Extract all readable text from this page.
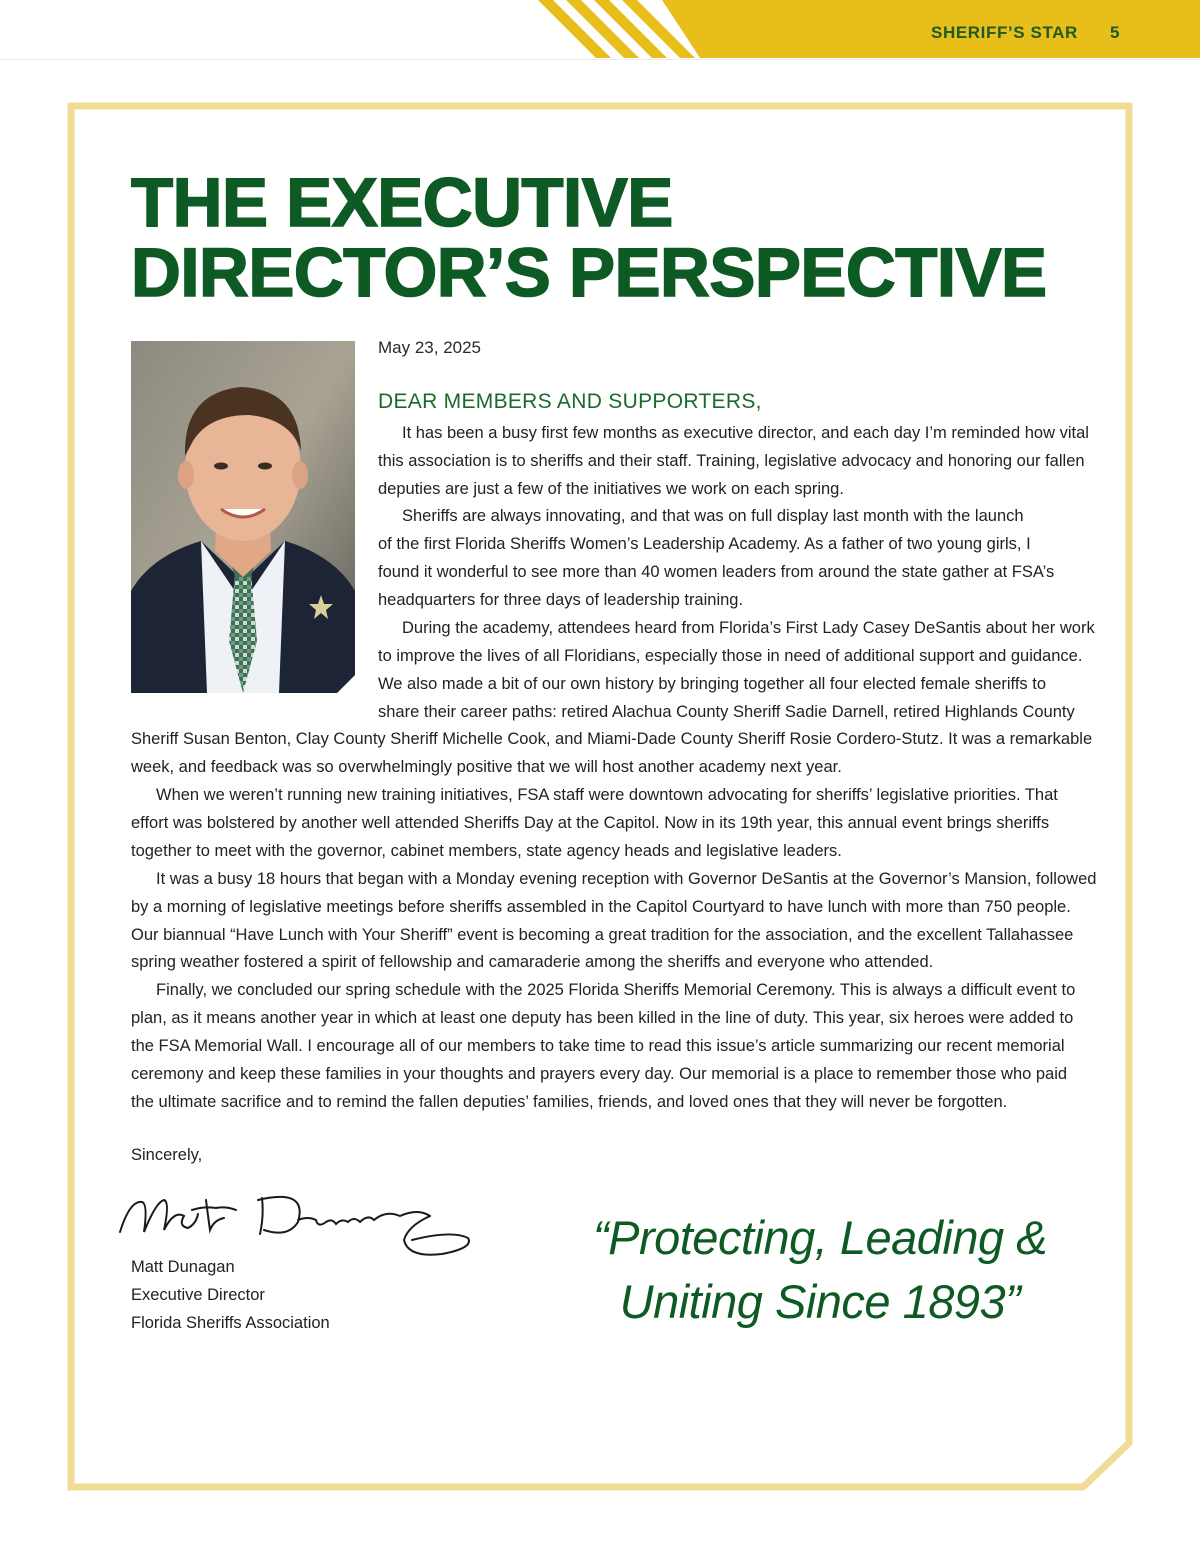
SHERIFF’S STAR 5
THE EXECUTIVE
DIRECTOR’S PERSPECTIVE
May 23, 2025
DEAR MEMBERS AND SUPPORTERS,
It has been a busy first few months as executive director, and each day I’m reminded how vital
this association is to sheriffs and their staff. Training, legislative advocacy and honoring our fallen
deputies are just a few of the initiatives we work on each spring.
Sheriffs are always innovating, and that was on full display last month with the launch
of the first Florida Sheriffs Women’s Leadership Academy. As a father of two young girls, I
found it wonderful to see more than 40 women leaders from around the state gather at FSA’s
headquarters for three days of leadership training.
During the academy, attendees heard from Florida’s First Lady Casey DeSantis about her work
to improve the lives of all Floridians, especially those in need of additional support and guidance.
We also made a bit of our own history by bringing together all four elected female sheriffs to
share their career paths: retired Alachua County Sheriff Sadie Darnell, retired Highlands County
Sheriff Susan Benton, Clay County Sheriff Michelle Cook, and Miami-Dade County Sheriff Rosie Cordero-Stutz. It was a remarkable
week, and feedback was so overwhelmingly positive that we will host another academy next year.
When we weren’t running new training initiatives, FSA staff were downtown advocating for sheriffs’ legislative priorities. That
effort was bolstered by another well attended Sheriffs Day at the Capitol. Now in its 19th year, this annual event brings sheriffs
together to meet with the governor, cabinet members, state agency heads and legislative leaders.
It was a busy 18 hours that began with a Monday evening reception with Governor DeSantis at the Governor’s Mansion, followed
by a morning of legislative meetings before sheriffs assembled in the Capitol Courtyard to have lunch with more than 750 people.
Our biannual “Have Lunch with Your Sheriff” event is becoming a great tradition for the association, and the excellent Tallahassee
spring weather fostered a spirit of fellowship and camaraderie among the sheriffs and everyone who attended.
Finally, we concluded our spring schedule with the 2025 Florida Sheriffs Memorial Ceremony. This is always a difficult event to
plan, as it means another year in which at least one deputy has been killed in the line of duty. This year, six heroes were added to
the FSA Memorial Wall. I encourage all of our members to take time to read this issue’s article summarizing our recent memorial
ceremony and keep these families in your thoughts and prayers every day. Our memorial is a place to remember those who paid
the ultimate sacrifice and to remind the fallen deputies’ families, friends, and loved ones that they will never be forgotten.
Sincerely,
Matt Dunagan
Executive Director
Florida Sheriffs Association
“Protecting, Leading &
Uniting Since 1893”
